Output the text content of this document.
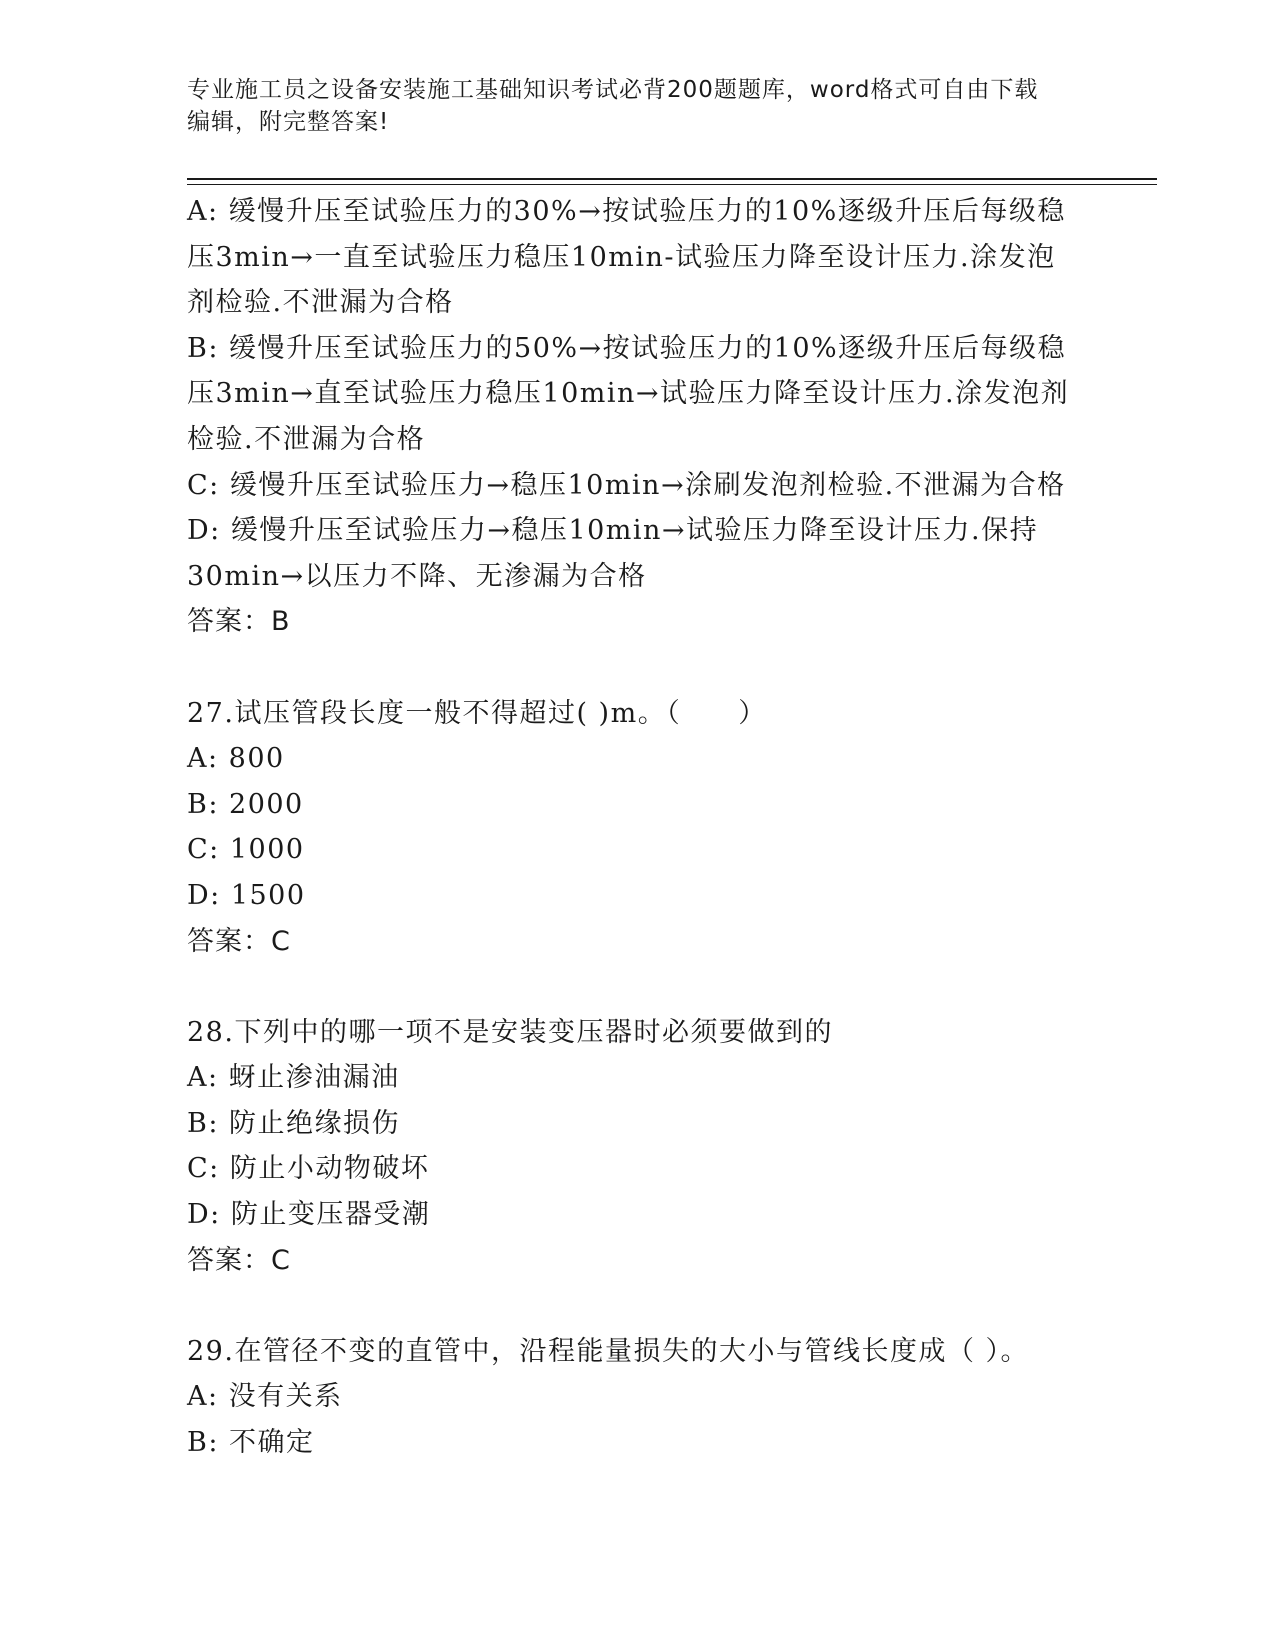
专业施工员之设备安装施工基础知识考试必背200题题库，word格式可自由下载
编辑，附完整答案!
A: 缓慢升压至试验压力的30%→按试验压力的10%逐级升压后每级稳
压3min→一直至试验压力稳压10min-试验压力降至设计压力.涂发泡
剂检验.不泄漏为合格
B: 缓慢升压至试验压力的50%→按试验压力的10%逐级升压后每级稳
压3min→直至试验压力稳压10min→试验压力降至设计压力.涂发泡剂
检验.不泄漏为合格
C: 缓慢升压至试验压力→稳压10min→涂刷发泡剂检验.不泄漏为合格
D: 缓慢升压至试验压力→稳压10min→试验压力降至设计压力.保持
30min→以压力不降、无渗漏为合格
答案：B
27.试压管段长度一般不得超过( )m。（　　）
A: 800
B: 2000
C: 1000
D: 1500
答案：C
28.下列中的哪一项不是安装变压器时必须要做到的
A: 蚜止渗油漏油
B: 防止绝缘损伤
C: 防止小动物破坏
D: 防止变压器受潮
答案：C
29.在管径不变的直管中，沿程能量损失的大小与管线长度成（ ）。
A: 没有关系
B: 不确定
